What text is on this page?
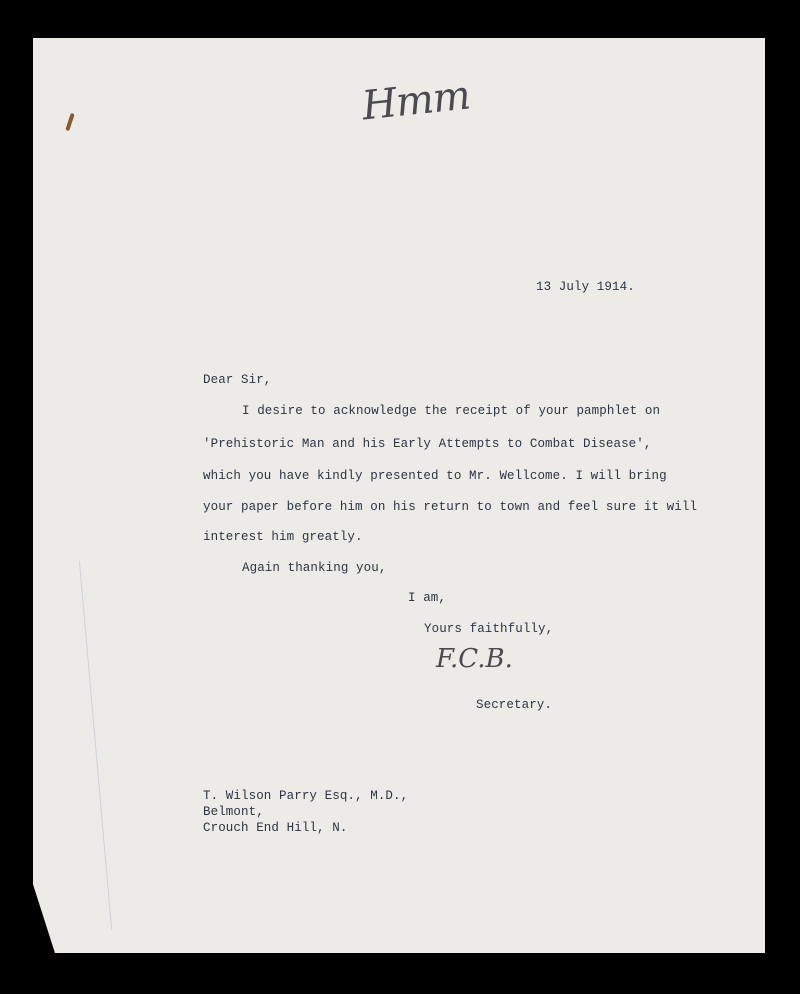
Hmm
13 July 1914.
Dear Sir,
I desire to acknowledge the receipt of your pamphlet on
'Prehistoric Man and his Early Attempts to Combat Disease',
which you have kindly presented to Mr. Wellcome. I will bring
your paper before him on his return to town and feel sure it will
interest him greatly.
Again thanking you,
I am,
Yours faithfully,
F.C.B.
Secretary.
T. Wilson Parry Esq., M.D.,
Belmont,
Crouch End Hill, N.
